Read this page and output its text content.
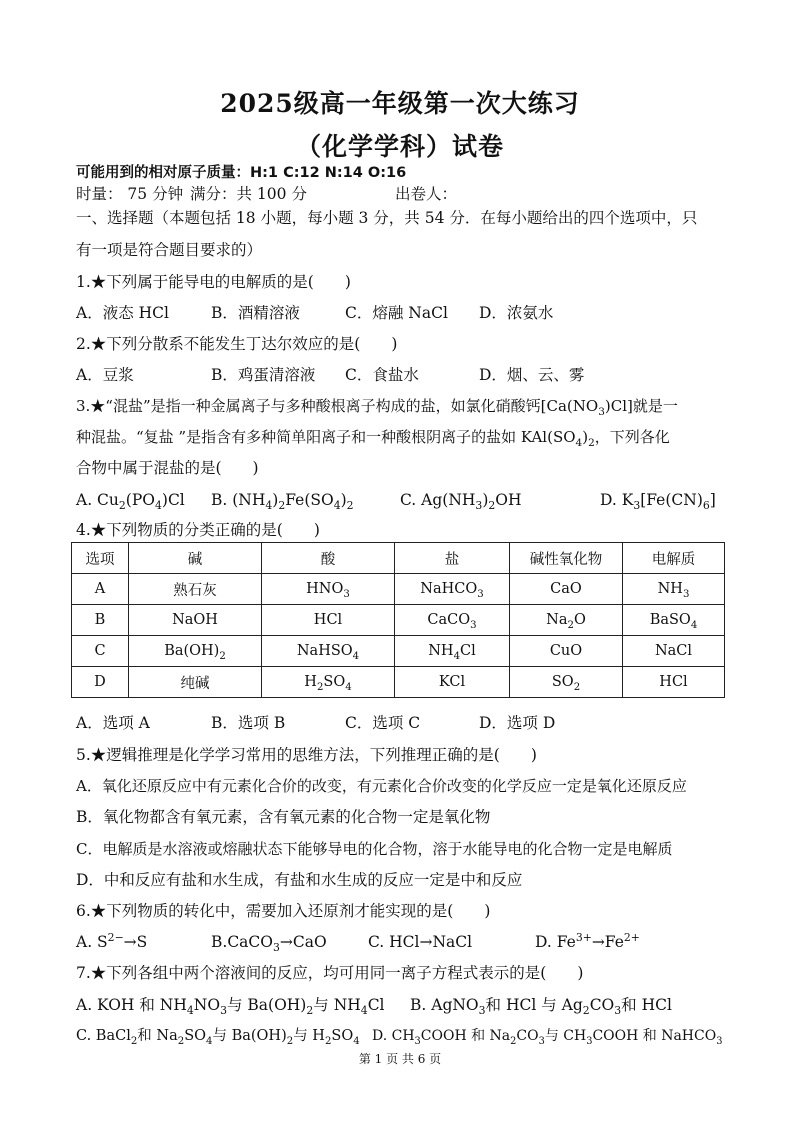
2025级高一年级第一次大练习
（化学学科）试卷
可能用到的相对原子质量：H:1 C:12 N:14 O:16
时量： 75 分钟 满分：共 100 分	出卷人：
一、选择题（本题包括 18 小题，每小题 3 分，共 54 分．在每小题给出的四个选项中，只
有一项是符合题目要求的）
1.★下列属于能导电的电解质的是(　　)
A．液态 HCl	B．酒精溶液	C．熔融 NaCl D．浓氨水
2.★下列分散系不能发生丁达尔效应的是(　　)
A．豆浆	B．鸡蛋清溶液 C．食盐水	D．烟、云、雾
3.★“混盐”是指一种金属离子与多种酸根离子构成的盐，如氯化硝酸钙$[Ca(NO_3)Cl]$就是一
种混盐。“复盐 ”是指含有多种简单阳离子和一种酸根阴离子的盐如 $KAl(SO_4)_2$，下列各化
合物中属于混盐的是(　　)
A. $Cu_2(PO_4)Cl$ B. $(NH_4)_2Fe(SO_4)_2$	C. $Ag(NH_3)_2OH$	D. $K_3[Fe(CN)_6]$
4.★下列物质的分类正确的是(　　)
选项	碱	酸	盐	碱性氧化物	电解质
A	熟石灰	$HNO_3$	NaHCO$_3$	CaO	$NH_3$
B	NaOH	HCl	CaCO$_3$	$Na_2O$	BaSO$_4$
C	$Ba(OH)_2$	NaHSO$_4$	$NH_4Cl$	CuO	NaCl
D	纯碱	$H_2SO_4$	KCl	$SO_2$	HCl
A．选项 A	B．选项 B	C．选项 C	D．选项 D
5.★逻辑推理是化学学习常用的思维方法，下列推理正确的是(　　)
A．氧化还原反应中有元素化合价的改变，有元素化合价改变的化学反应一定是氧化还原反应
B．氧化物都含有氧元素，含有氧元素的化合物一定是氧化物
C．电解质是水溶液或熔融状态下能够导电的化合物，溶于水能导电的化合物一定是电解质
D．中和反应有盐和水生成，有盐和水生成的反应一定是中和反应
6.★下列物质的转化中，需要加入还原剂才能实现的是(　　)
A. $S^{2-}\to S$	B.CaCO$_3$→CaO	C. HCl→NaCl	D. $Fe^{3+}\to Fe^{2+}$
7.★下列各组中两个溶液间的反应，均可用同一离子方程式表示的是(　　)
A. KOH 和 $NH_4NO_3$与 $Ba(OH)_2$与 $NH_4Cl$ B. AgNO$_3$和 HCl 与 $Ag_2CO_3$和 HCl
C. BaCl$_2$和 $Na_2SO_4$与 $Ba(OH)_2$与 $H_2SO_4$ D. $CH_3COOH$ 和 $Na_2CO_3$与 $CH_3COOH$ 和 NaHCO$_3$
第 1 页 共 6 页
